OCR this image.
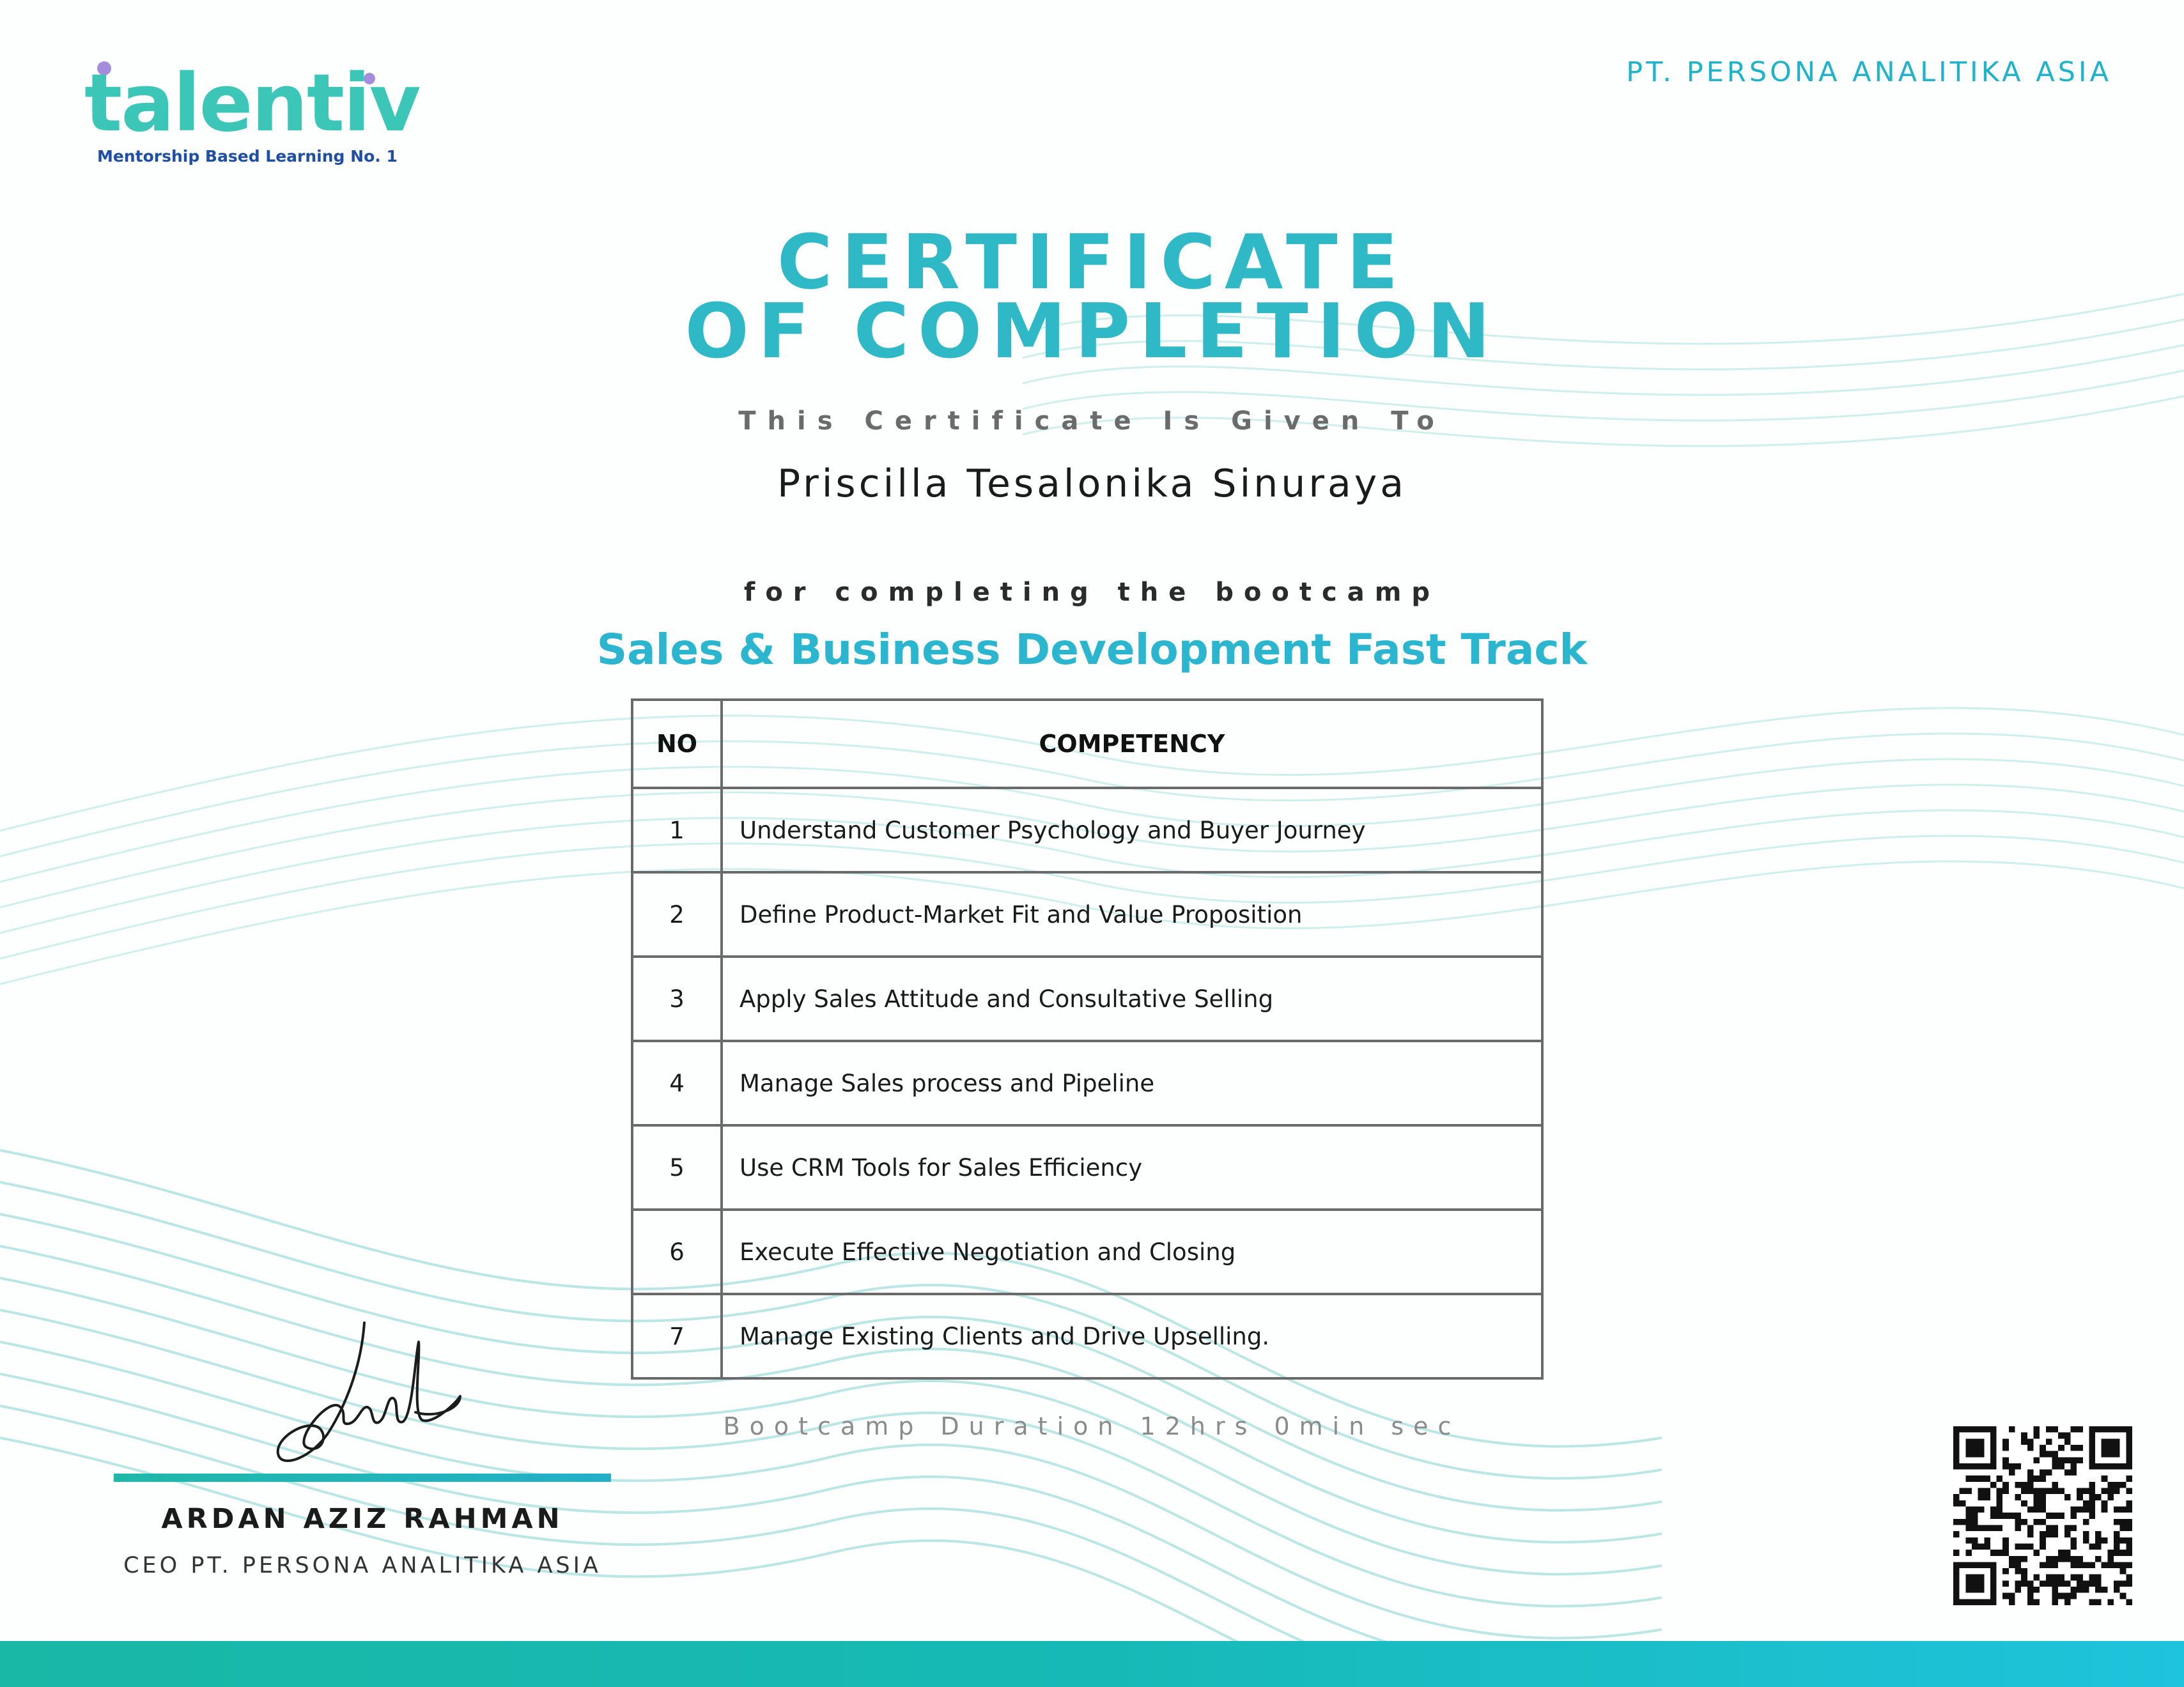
talentiv
Mentorship Based Learning No. 1
PT. PERSONA ANALITIKA ASIA
CERTIFICATE
OF COMPLETION
This Certificate Is Given To
Priscilla Tesalonika Sinuraya
for completing the bootcamp
Sales & Business Development Fast Track
NO	COMPETENCY
1	Understand Customer Psychology and Buyer Journey
2	Define Product-Market Fit and Value Proposition
3	Apply Sales Attitude and Consultative Selling
4	Manage Sales process and Pipeline
5	Use CRM Tools for Sales Efficiency
6	Execute Effective Negotiation and Closing
7	Manage Existing Clients and Drive Upselling.
Bootcamp Duration 12hrs 0min sec
ARDAN AZIZ RAHMAN
CEO PT. PERSONA ANALITIKA ASIA
